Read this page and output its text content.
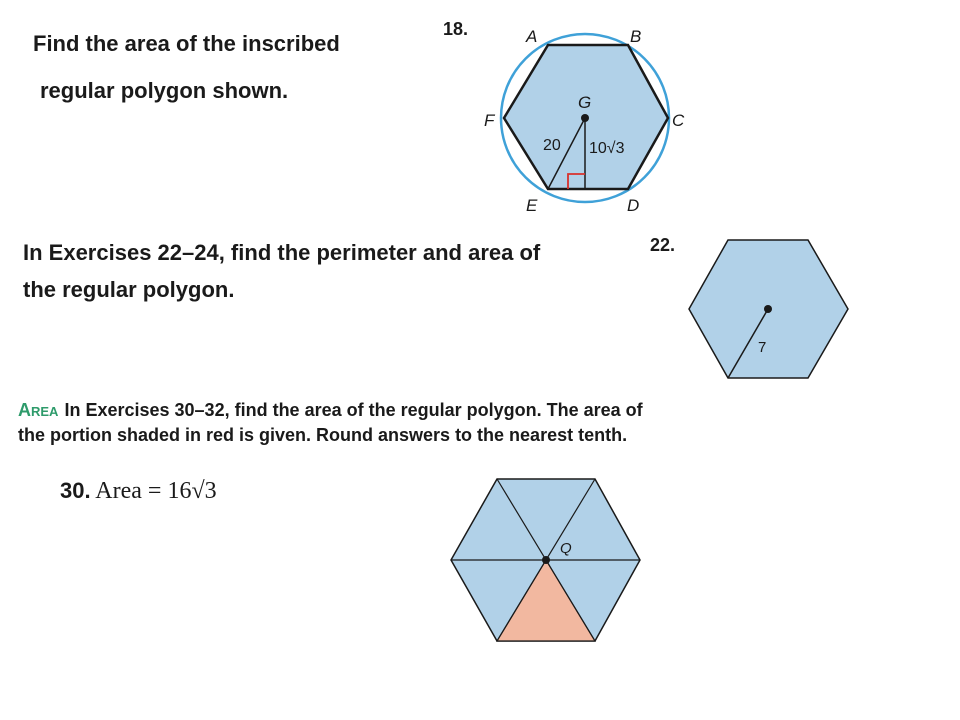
Find the area of the inscribed

regular polygon shown.

18.

In Exercises 22–24, find the perimeter and area of

the regular polygon.

22.

Area In Exercises 30–32, find the area of the regular polygon. The area of

the portion shaded in red is given. Round answers to the nearest tenth.

30. Area = 16√3

A	B
C
D
E
F
G
20 10√3
7
Q
